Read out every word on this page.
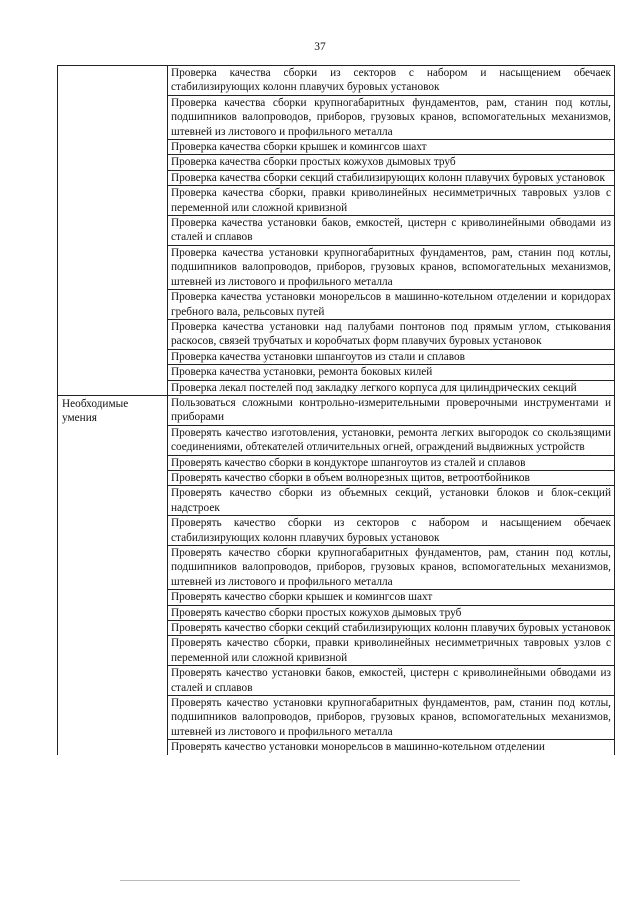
37
Проверка качества сборки из секторов с набором и насыщением обечаек стабилизирующих колонн плавучих буровых установок
Проверка качества сборки крупногабаритных фундаментов, рам, станин под котлы, подшипников валопроводов, приборов, грузовых кранов, вспомогательных механизмов, штевней из листового и профильного металла
Проверка качества сборки крышек и комингсов шахт
Проверка качества сборки простых кожухов дымовых труб
Проверка качества сборки секций стабилизирующих колонн плавучих буровых установок
Проверка качества сборки, правки криволинейных несимметричных тавровых узлов с переменной или сложной кривизной
Проверка качества установки баков, емкостей, цистерн с криволинейными обводами из сталей и сплавов
Проверка качества установки крупногабаритных фундаментов, рам, станин под котлы, подшипников валопроводов, приборов, грузовых кранов, вспомогательных механизмов, штевней из листового и профильного металла
Проверка качества установки монорельсов в машинно-котельном отделении и коридорах гребного вала, рельсовых путей
Проверка качества установки над палубами понтонов под прямым углом, стыкования раскосов, связей трубчатых и коробчатых форм плавучих буровых установок
Проверка качества установки шпангоутов из стали и сплавов
Проверка качества установки, ремонта боковых килей
Проверка лекал постелей под закладку легкого корпуса для цилиндрических секций
Необходимые умения
Пользоваться сложными контрольно-измерительными проверочными инструментами и приборами
Проверять качество изготовления, установки, ремонта легких выгородок со скользящими соединениями, обтекателей отличительных огней, ограждений выдвижных устройств
Проверять качество сборки в кондукторе шпангоутов из сталей и сплавов
Проверять качество сборки в объем волнорезных щитов, ветроотбойников
Проверять качество сборки из объемных секций, установки блоков и блок-секций надстроек
Проверять качество сборки из секторов с набором и насыщением обечаек стабилизирующих колонн плавучих буровых установок
Проверять качество сборки крупногабаритных фундаментов, рам, станин под котлы, подшипников валопроводов, приборов, грузовых кранов, вспомогательных механизмов, штевней из листового и профильного металла
Проверять качество сборки крышек и комингсов шахт
Проверять качество сборки простых кожухов дымовых труб
Проверять качество сборки секций стабилизирующих колонн плавучих буровых установок
Проверять качество сборки, правки криволинейных несимметричных тавровых узлов с переменной или сложной кривизной
Проверять качество установки баков, емкостей, цистерн с криволинейными обводами из сталей и сплавов
Проверять качество установки крупногабаритных фундаментов, рам, станин под котлы, подшипников валопроводов, приборов, грузовых кранов, вспомогательных механизмов, штевней из листового и профильного металла
Проверять качество установки монорельсов в машинно-котельном отделении
